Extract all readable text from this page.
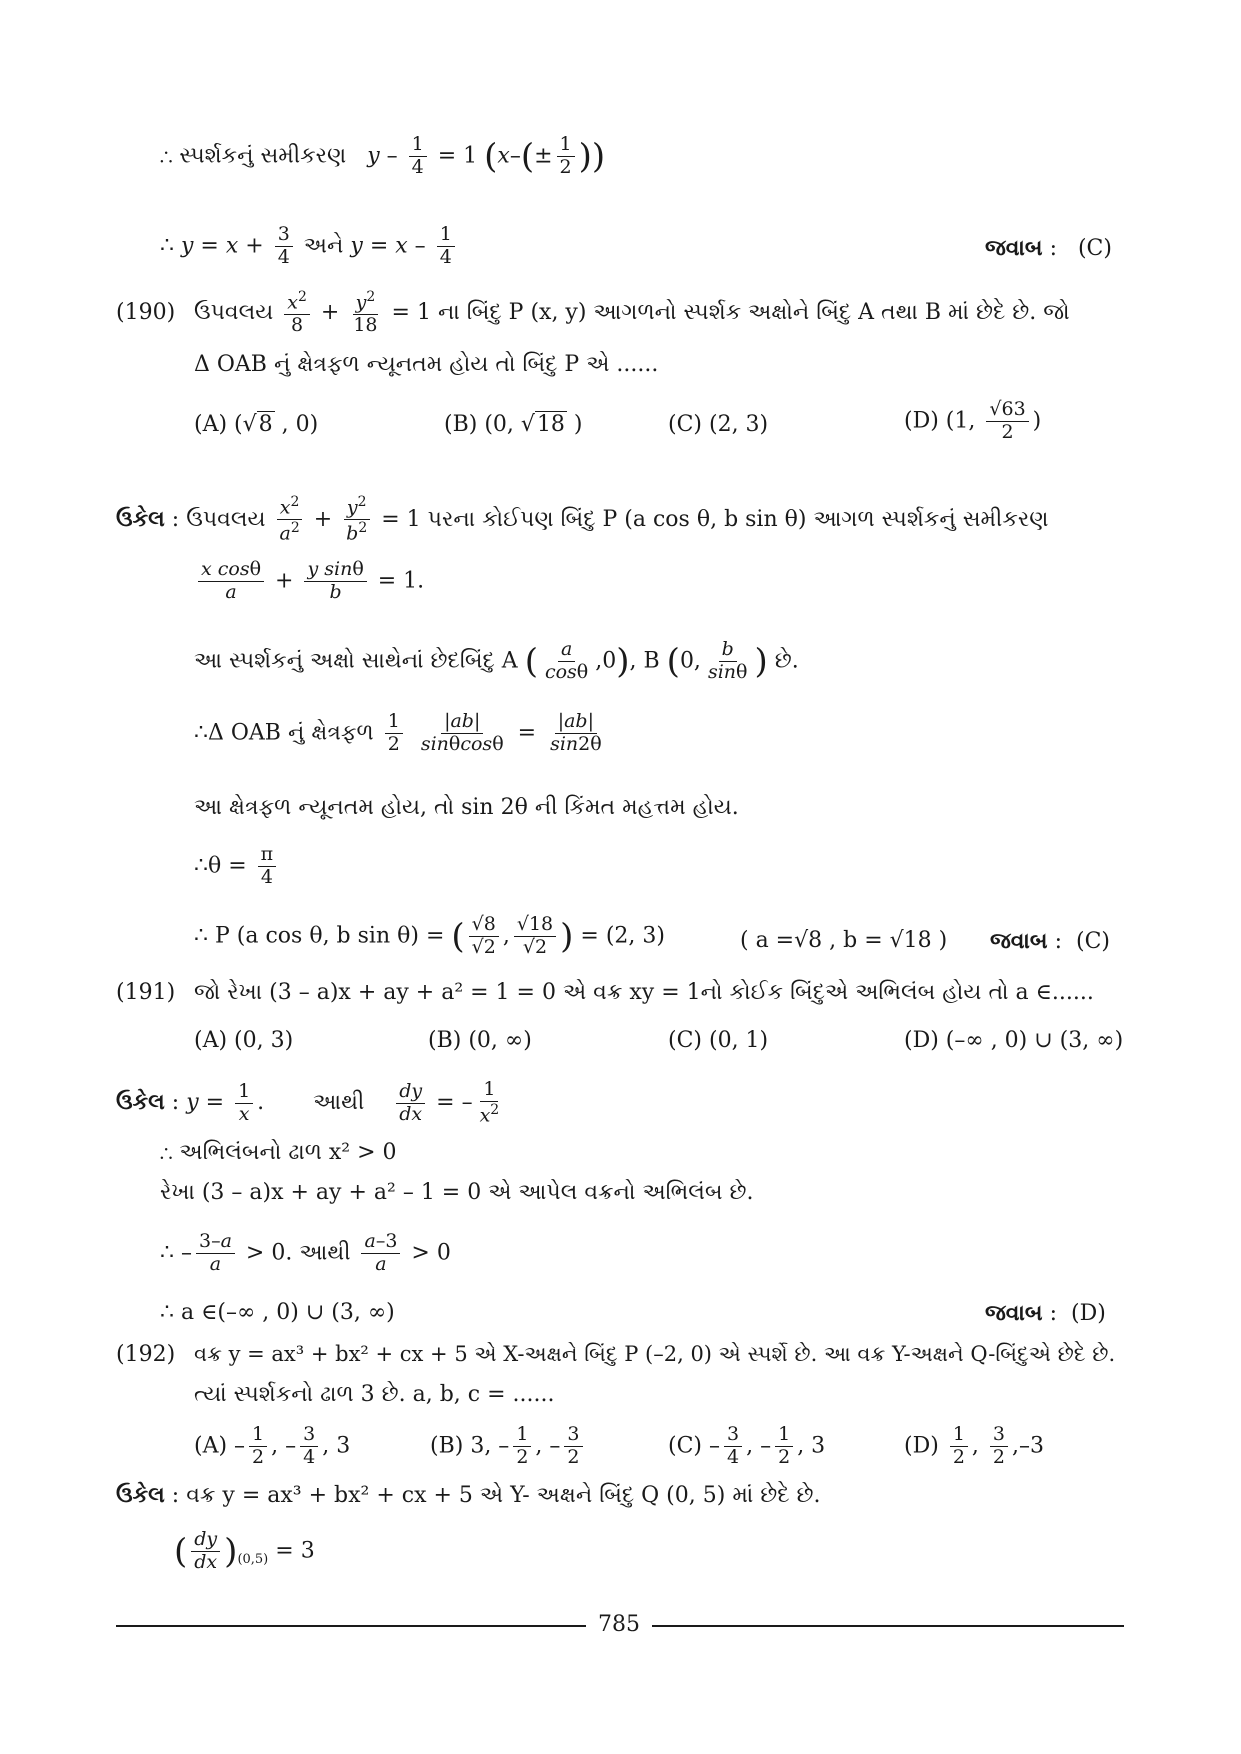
∴ સ્પર્શકનું સમીકરણ $y - \frac{1}{4} = 1$ ($x-(\pm \frac{1}{2}$ ))
∴ $y = x + \frac{3}{4}$ અને $y = x - \frac{1}{4}$	જવાબ :   (C)
(190) ઉપવલય $\frac{x^2}{8} + \frac{y^2}{18} = 1$ ના બિંદુ P (x, y) આગળનો સ્પર્શક અક્ષોને બિંદુ A તથા B માં છેદે છે. જો
Δ OAB નું ક્ષેત્રફળ ન્યૂનતમ હોય તો બિંદુ P એ ......
(A) (√8 , 0)	(B) (0, √18 )	(C) (2, 3)	(D) (1, $\frac{√63}{2}$ )
ઉકેલ : ઉપવલય $\frac{x^2}{a^2} + \frac{y^2}{b^2} = 1$ પરના કોઈપણ બિંદુ P (a cos θ, b sin θ) આગળ સ્પર્શકનું સમીકરણ
$\frac{\text{x cosθ}}{a} + \frac{\text{y sinθ}}{b} = 1$.
આ સ્પર્શકનું અક્ષો સાથેનાં છેદબિંદુ A ( $\frac{a}{\cos\theta} ,0$), B (0, $\frac{b}{\sin\theta}$ ) છે.
∴Δ OAB નું ક્ષેત્રફળ $\frac{1}{2}$
$\frac{|ab|}{\sin\theta\cos\theta} = \frac{|ab|}{\sin 2\theta}$
આ ક્ષેત્રફળ ન્યૂનતમ હોય, તો sin 2θ ની કિંમત મહત્તમ હોય.
∴θ = $\frac{\pi}{4}$
∴ P (a cos θ, b sin θ) = ( $\frac{√8}{√2}$ , $\frac{√18}{√2}$ ) = (2, 3)	( a =√8 , b = √18 ) જવાબ :  (C)
(191) જો રેખા (3 – a)x + ay + a² = 1 = 0 એ વક્ર xy = 1નો કોઈક બિંદુએ અભિલંબ હોય તો a ∈......
(A) (0, 3)	(B) (0, ∞)	(C) (0, 1)	(D) (–∞ , 0) ∪ (3, ∞)
ઉકેલ : $y = \frac{1}{x}$ .       આથી $\frac{dy}{dx}$ = – $\frac{1}{x^2}$
∴ અભિલંબનો ઢાળ x² > 0
રેખા (3 – a)x + ay + a² – 1 = 0 એ આપેલ વક્રનો અભિલંબ છે.
∴ – $\frac{3-a}{a} > 0$. આથી $\frac{a-3}{a} > 0$
∴ a ∈(–∞ , 0) ∪ (3, ∞)	જવાબ :  (D)
(192) વક્ર y = ax³ + bx² + cx + 5 એ X-અક્ષને બિંદુ P (–2, 0) એ સ્પર્શે છે. આ વક્ર Y-અક્ષને Q-બિંદુએ છેદે છે.
ત્યાં સ્પર્શકનો ઢાળ 3 છે. a, b, c = ......
$(A) - \frac{1}{2}$ , – $\frac{3}{4}$ , 3	(B) 3, – $\frac{1}{2}$ , – $\frac{3}{2}$	$(C) - \frac{3}{4}$ , – $\frac{1}{2}$ , 3	$(D) \frac{1}{2}$ , $\frac{3}{2} ,-3$
ઉકેલ : વક્ર y = ax³ + bx² + cx + 5 એ Y- અક્ષને બિંદુ Q (0, 5) માં છેદે છે.
( $\frac{dy}{dx} )_{(0,5)} = 3$
785
